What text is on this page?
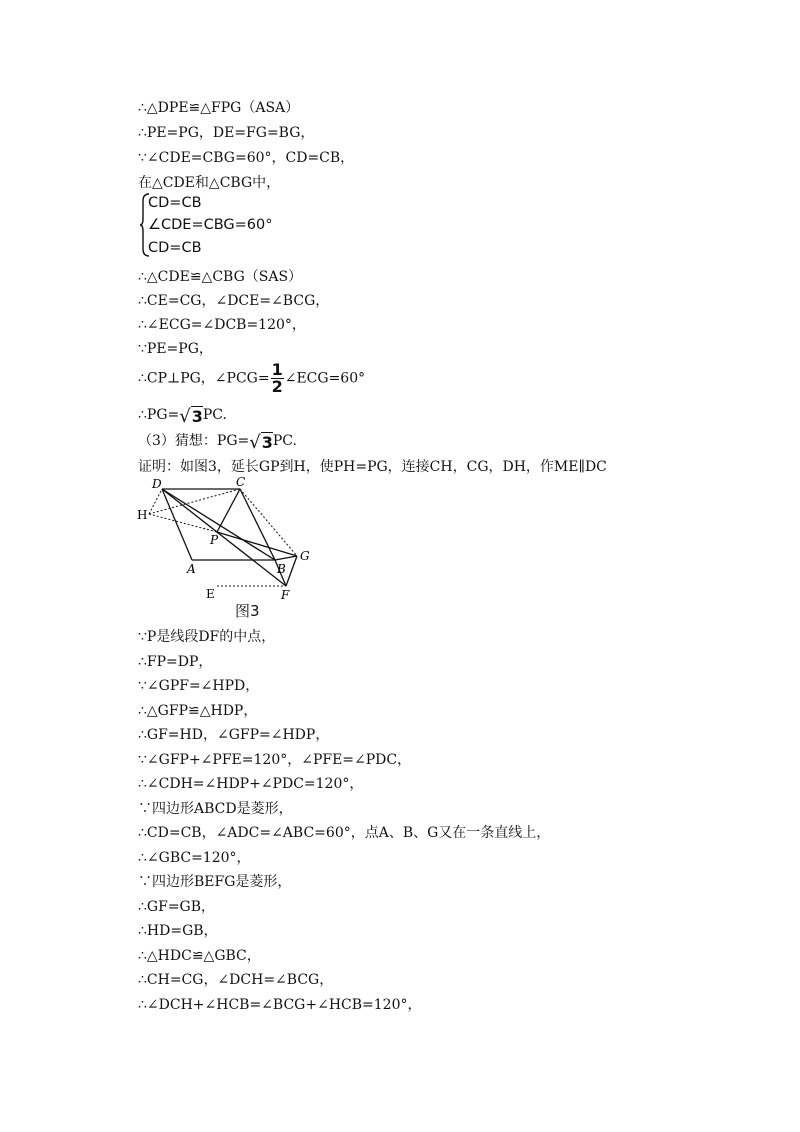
∴△DPE≌△FPG（ASA）
∴PE=PG，DE=FG=BG，
∵∠CDE=CBG=60°，CD=CB，
在△CDE和△CBG中，
CD=CB
∠CDE=CBG=60°
CD=CB
∴△CDE≌△CBG（SAS）
∴CE=CG，∠DCE=∠BCG，
∴∠ECG=∠DCB=120°，
∵PE=PG，
∴CP⊥PG，∠PCG= $\frac{1}{2}$ ∠ECG=60°
∴PG=√3PC.
（3）猜想：PG=√3PC.
证明：如图3，延长GP到H，使PH=PG，连接CH，CG，DH，作ME∥DC
D	C
H
P
G
A	B
E	F
图3
∵P是线段DF的中点，
∴FP=DP，
∵∠GPF=∠HPD，
∴△GFP≌△HDP，
∴GF=HD，∠GFP=∠HDP，
∵∠GFP+∠PFE=120°，∠PFE=∠PDC，
∴∠CDH=∠HDP+∠PDC=120°，
∵四边形ABCD是菱形，
∴CD=CB，∠ADC=∠ABC=60°，点A、B、G又在一条直线上，
∴∠GBC=120°，
∵四边形BEFG是菱形，
∴GF=GB，
∴HD=GB，
∴△HDC≌△GBC，
∴CH=CG，∠DCH=∠BCG，
∴∠DCH+∠HCB=∠BCG+∠HCB=120°，
